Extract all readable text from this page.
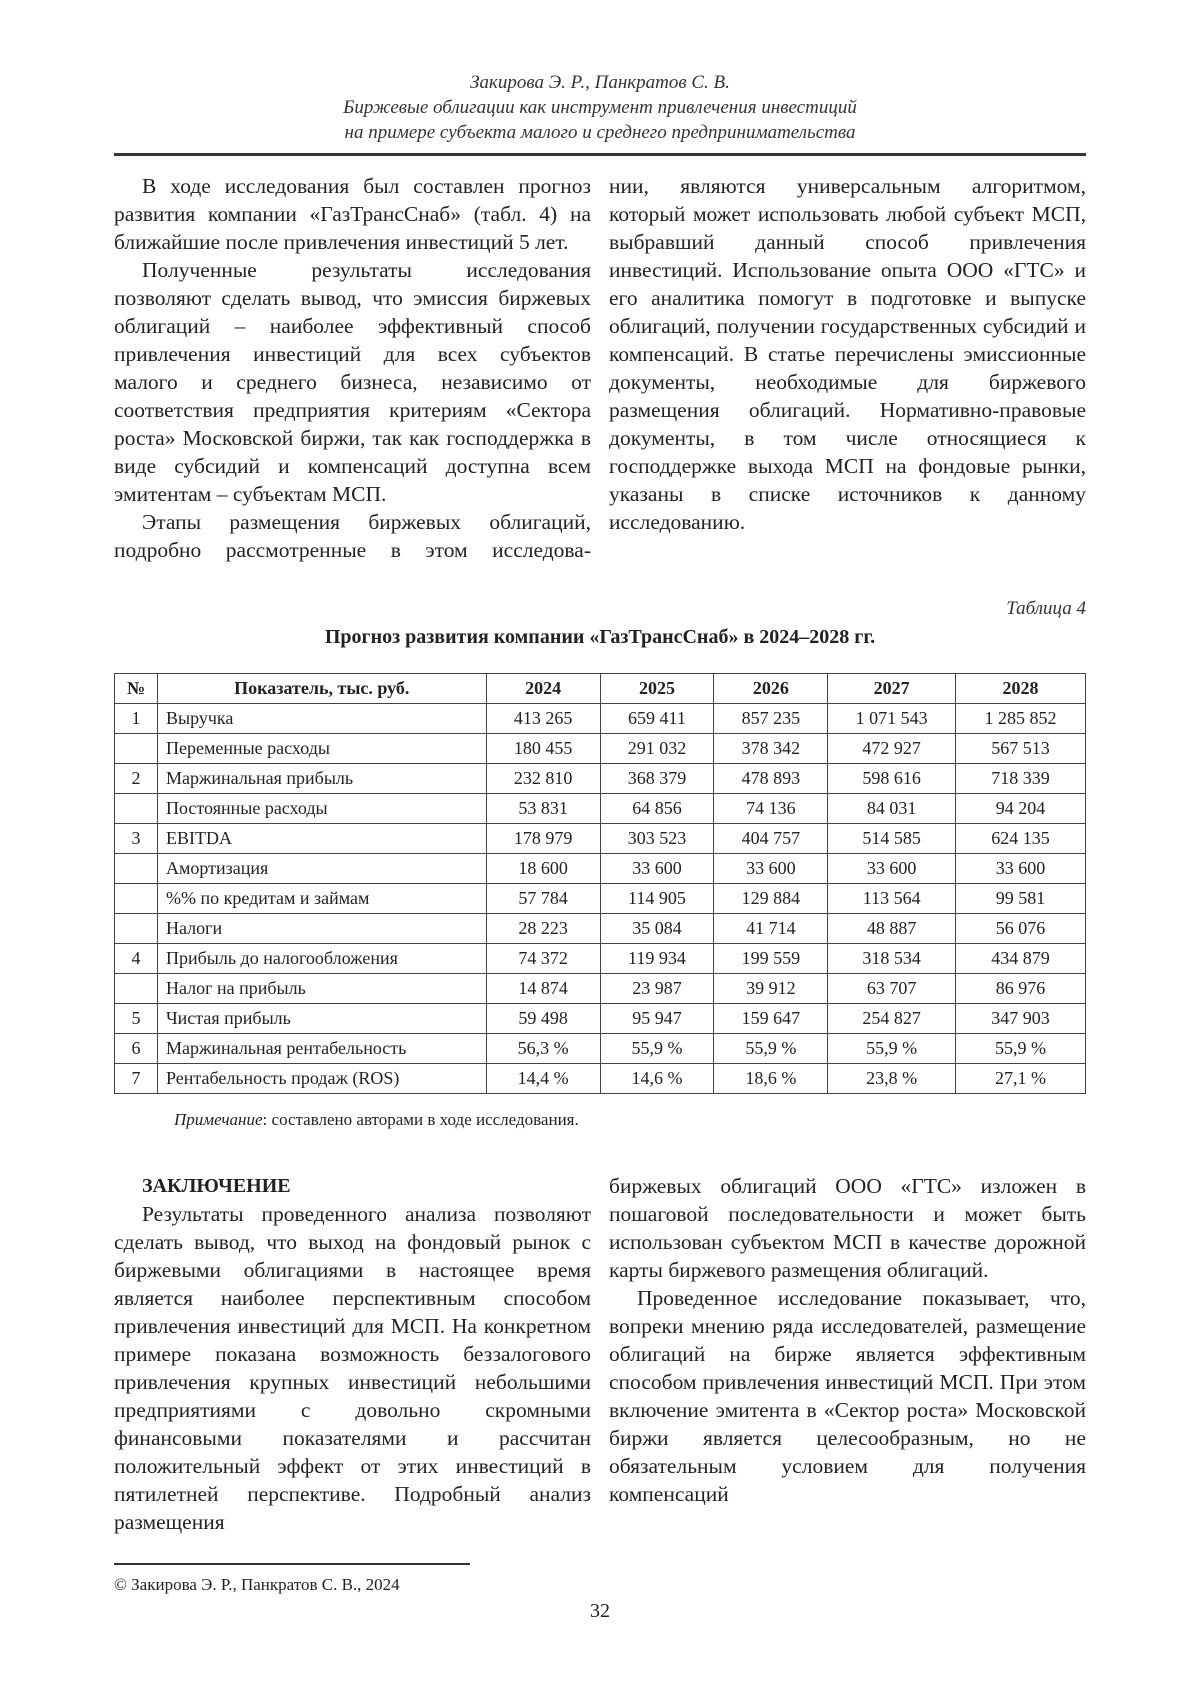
Закирова Э. Р., Панкратов С. В.
Биржевые облигации как инструмент привлечения инвестиций
на примере субъекта малого и среднего предпринимательства

В ходе исследования был составлен прогноз развития компании «ГазТрансСнаб» (табл. 4) на ближайшие после привлечения инвестиций 5 лет.

Полученные результаты исследования позволяют сделать вывод, что эмиссия биржевых облигаций – наиболее эффективный способ привлечения инвестиций для всех субъектов малого и среднего бизнеса, независимо от соответствия предприятия критериям «Сектора роста» Московской биржи, так как господдержка в виде субсидий и компенсаций доступна всем эмитентам – субъектам МСП.

Этапы размещения биржевых облигаций, подробно рассмотренные в этом исследова-

нии, являются универсальным алгоритмом, который может использовать любой субъект МСП, выбравший данный способ привлечения инвестиций. Использование опыта ООО «ГТС» и его аналитика помогут в подготовке и выпуске облигаций, получении государственных субсидий и компенсаций. В статье перечислены эмиссионные документы, необходимые для биржевого размещения облигаций. Нормативно-правовые документы, в том числе относящиеся к господдержке выхода МСП на фондовые рынки, указаны в списке источников к данному исследованию.

Таблица 4
Прогноз развития компании «ГазТрансСнаб» в 2024–2028 гг.
№	Показатель, тыс. руб.	2024	2025	2026	2027	2028
1	Выручка	413 265	659 411	857 235	1 071 543	1 285 852
	Переменные расходы	180 455	291 032	378 342	472 927	567 513
2	Маржинальная прибыль	232 810	368 379	478 893	598 616	718 339
	Постоянные расходы	53 831	64 856	74 136	84 031	94 204
3	EBITDA	178 979	303 523	404 757	514 585	624 135
	Амортизация	18 600	33 600	33 600	33 600	33 600
	%% по кредитам и займам	57 784	114 905	129 884	113 564	99 581
	Налоги	28 223	35 084	41 714	48 887	56 076
4	Прибыль до налогообложения	74 372	119 934	199 559	318 534	434 879
	Налог на прибыль	14 874	23 987	39 912	63 707	86 976
5	Чистая прибыль	59 498	95 947	159 647	254 827	347 903
6	Маржинальная рентабельность	56,3 %	55,9 %	55,9 %	55,9 %	55,9 %
7	Рентабельность продаж (ROS)	14,4 %	14,6 %	18,6 %	23,8 %	27,1 %
Примечание: составлено авторами в ходе исследования.
ЗАКЛЮЧЕНИЕ

Результаты проведенного анализа позволяют сделать вывод, что выход на фондовый рынок с биржевыми облигациями в настоящее время является наиболее перспективным способом привлечения инвестиций для МСП. На конкретном примере показана возможность беззалогового привлечения крупных инвестиций небольшими предприятиями с довольно скромными финансовыми показателями и рассчитан положительный эффект от этих инвестиций в пятилетней перспективе. Подробный анализ размещения

биржевых облигаций ООО «ГТС» изложен в пошаговой последовательности и может быть использован субъектом МСП в качестве дорожной карты биржевого размещения облигаций.

Проведенное исследование показывает, что, вопреки мнению ряда исследователей, размещение облигаций на бирже является эффективным способом привлечения инвестиций МСП. При этом включение эмитента в «Сектор роста» Московской биржи является целесообразным, но не обязательным условием для получения компенсаций

© Закирова Э. Р., Панкратов С. В., 2024
32
